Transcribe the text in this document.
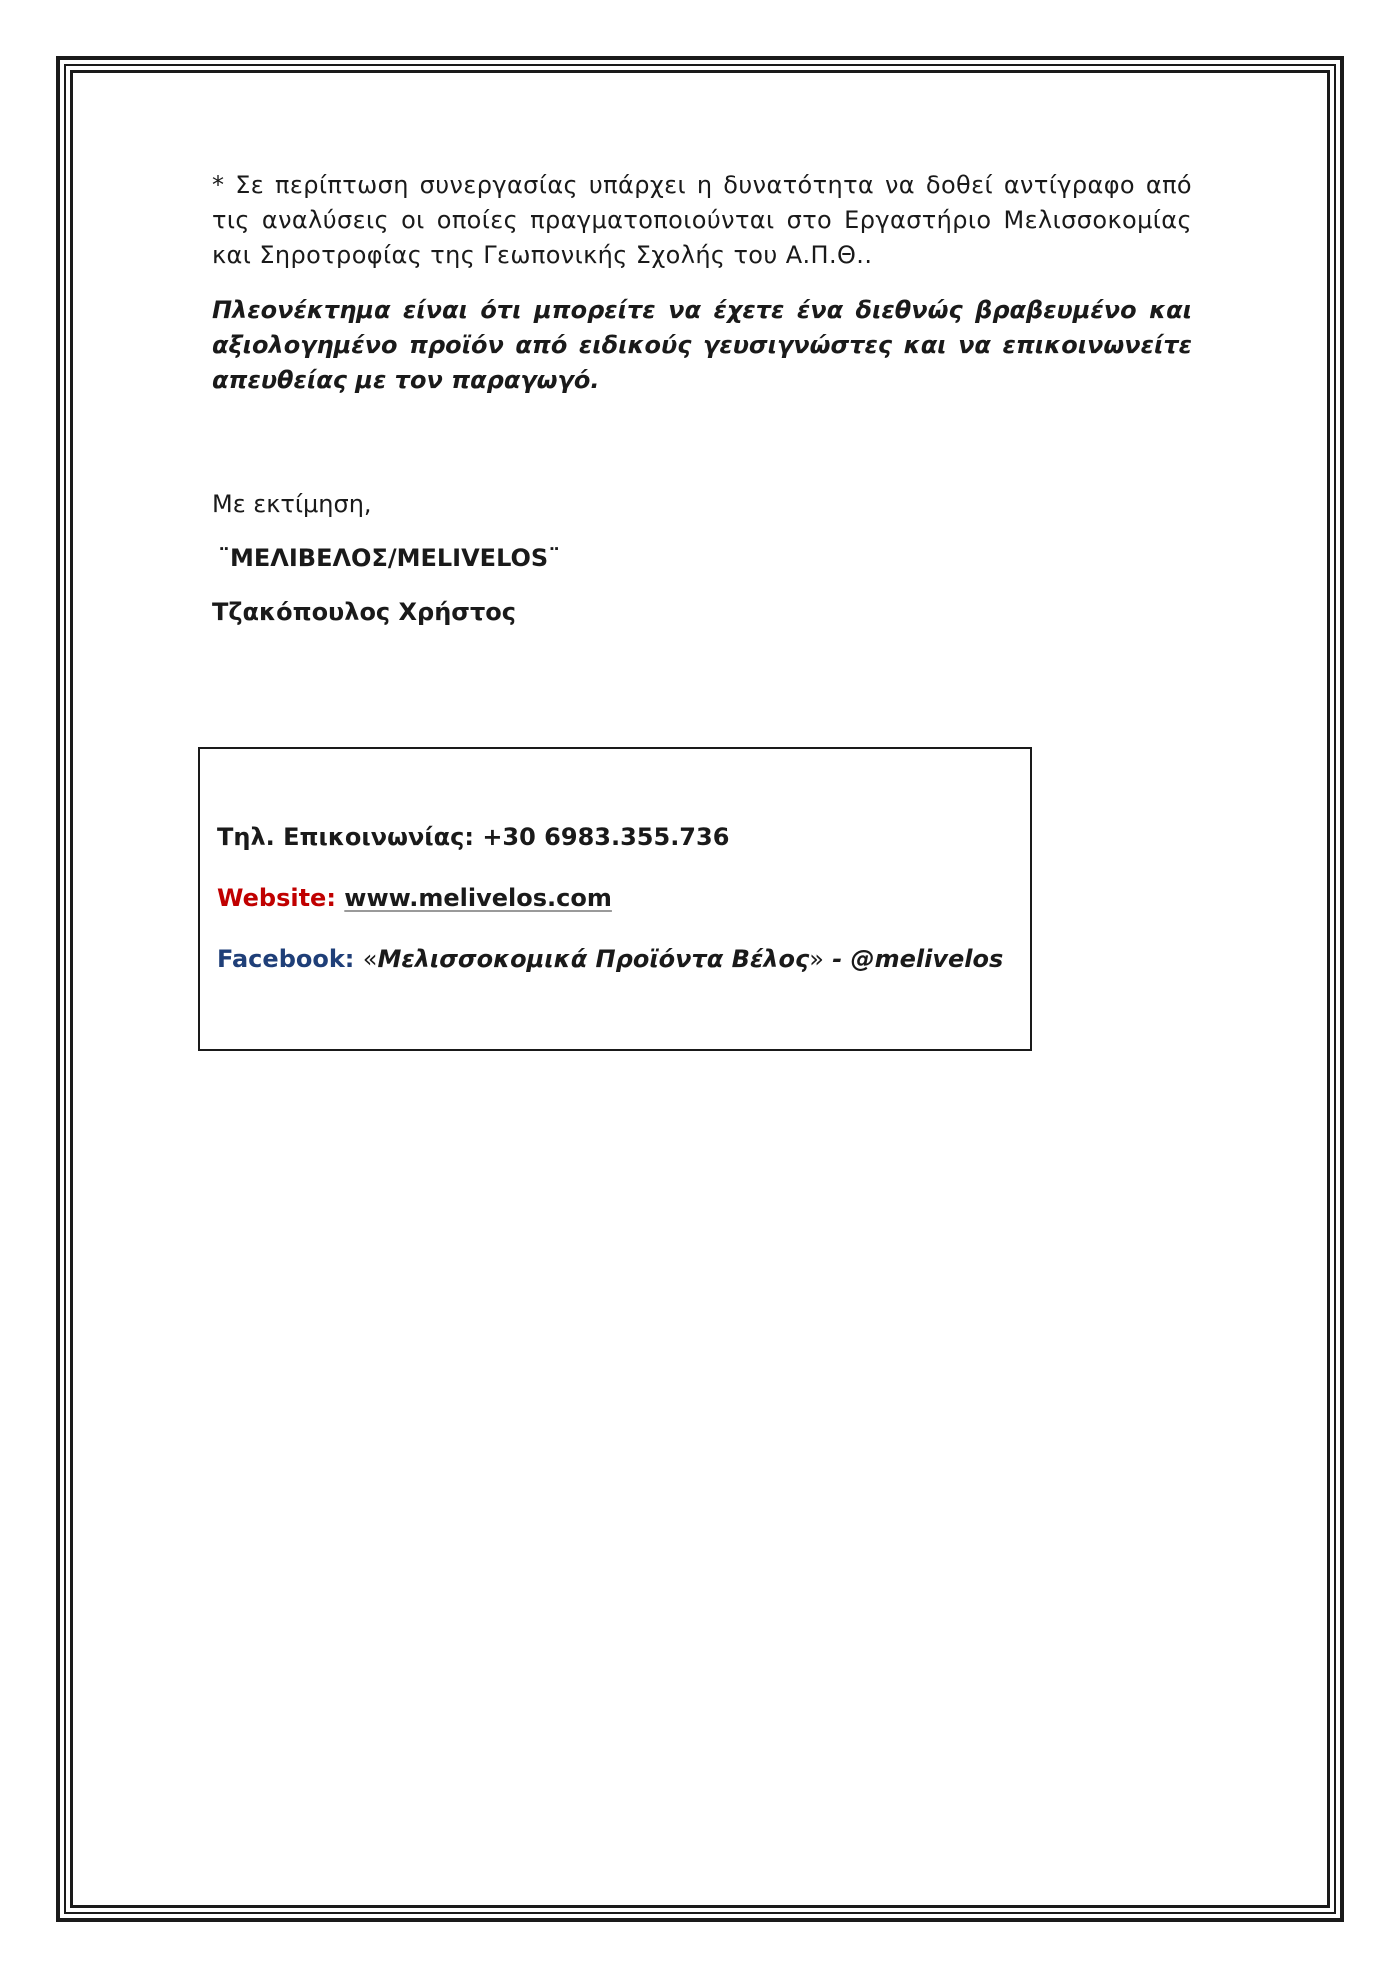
* Σε περίπτωση συνεργασίας υπάρχει η δυνατότητα να δοθεί αντίγραφο από τις αναλύσεις οι οποίες πραγματοποιούνται στο Εργαστήριο Μελισσοκομίας και Σηροτροφίας της Γεωπονικής Σχολής του Α.Π.Θ..

Πλεονέκτημα είναι ότι μπορείτε να έχετε ένα διεθνώς βραβευμένο και αξιολογημένο προϊόν από ειδικούς γευσιγνώστες και να επικοινωνείτε απευθείας με τον παραγωγό.

Με εκτίμηση,
¨ΜΕΛΙΒΕΛΟΣ/MELIVELOS¨
Τζακόπουλος Χρήστος

Τηλ. Επικοινωνίας: +30 6983.355.736

Website: www.melivelos.com

Facebook: «Μελισσοκομικά Προϊόντα Βέλος» - @melivelos
